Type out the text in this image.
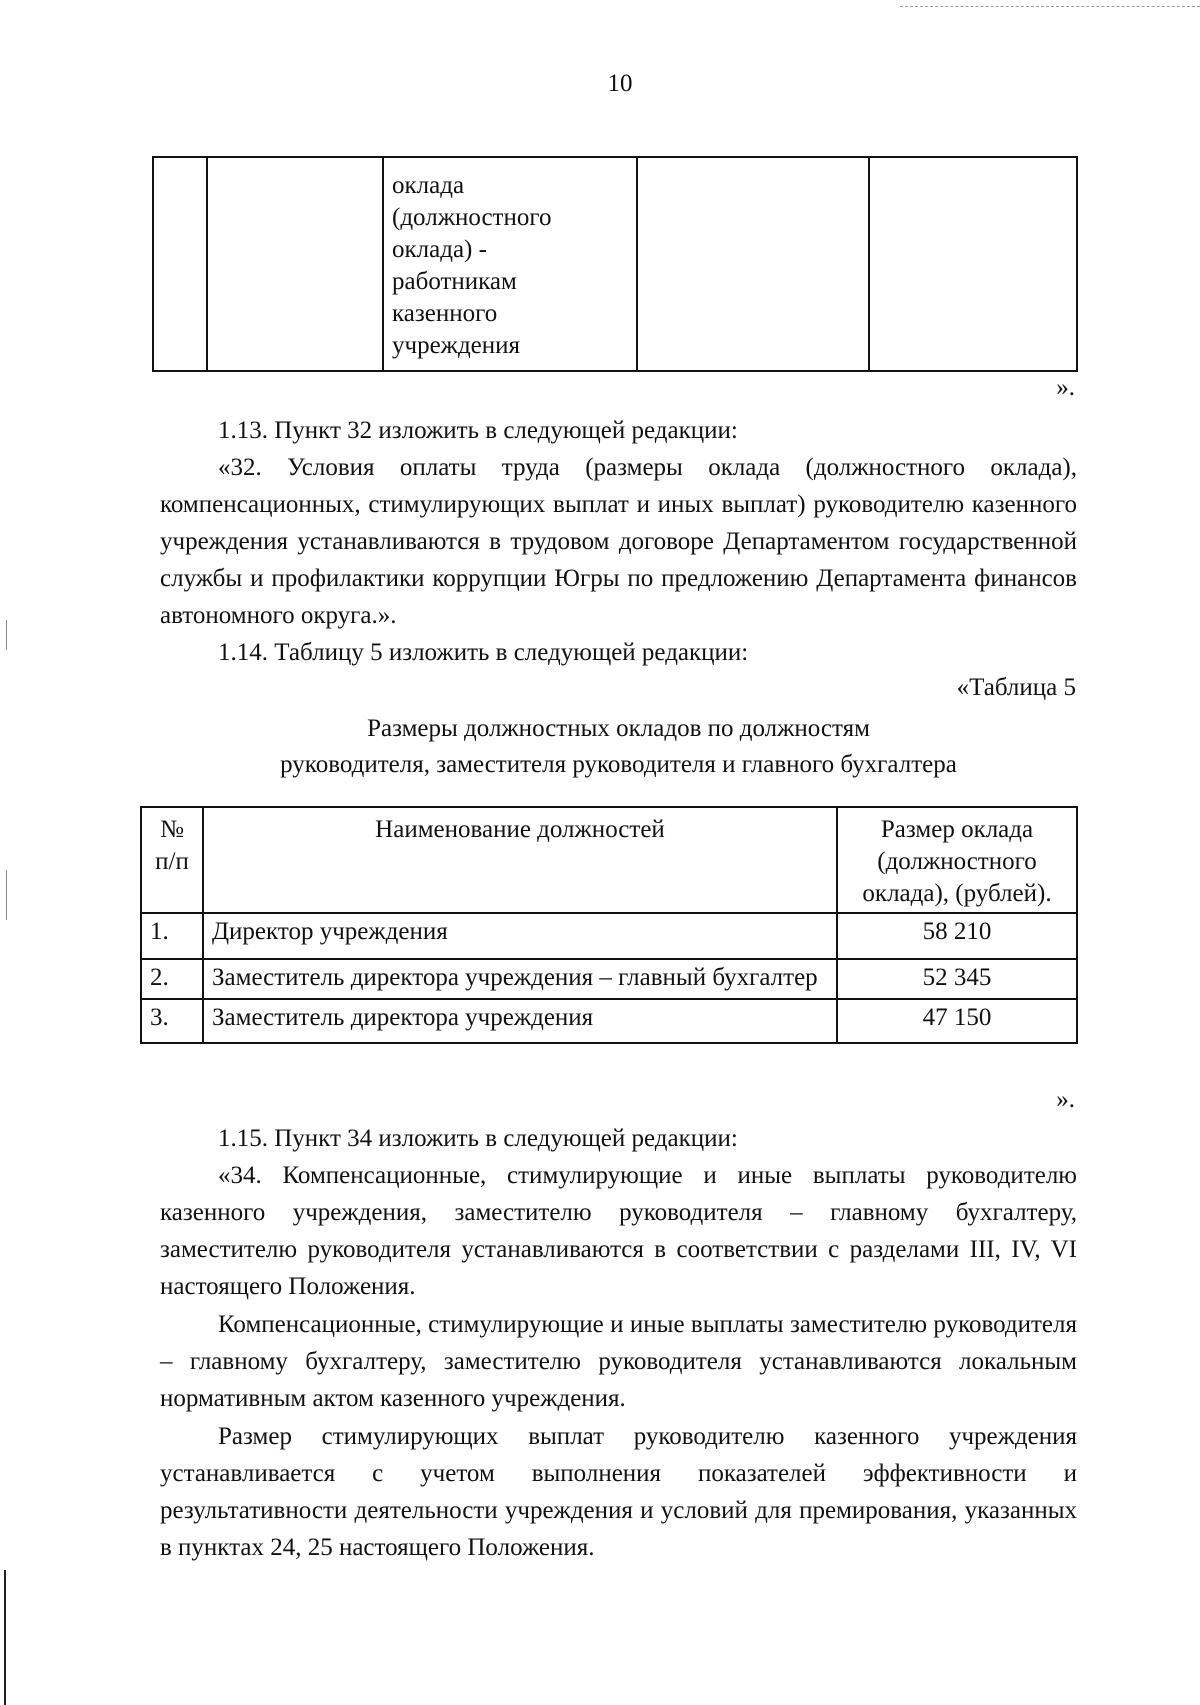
10
		оклада
(должностного
оклада) -
работникам
казенного
учреждения		
».
1.13. Пункт 32 изложить в следующей редакции:
«32. Условия оплаты труда (размеры оклада (должностного оклада), компенсационных, стимулирующих выплат и иных выплат) руководителю казенного учреждения устанавливаются в трудовом договоре Департаментом государственной службы и профилактики коррупции Югры по предложению Департамента финансов автономного округа.».
1.14. Таблицу 5 изложить в следующей редакции:
«Таблица 5
Размеры должностных окладов по должностям
руководителя, заместителя руководителя и главного бухгалтера
№ п/п	Наименование должностей	Размер оклада (должностного оклада), (рублей).
1.	Директор учреждения	58 210
2.	Заместитель директора учреждения – главный бухгалтер	52 345
3.	Заместитель директора учреждения	47 150
».
1.15. Пункт 34 изложить в следующей редакции:
«34. Компенсационные, стимулирующие и иные выплаты руководителю казенного учреждения, заместителю руководителя – главному бухгалтеру, заместителю руководителя устанавливаются в соответствии с разделами III, IV, VI настоящего Положения.
Компенсационные, стимулирующие и иные выплаты заместителю руководителя – главному бухгалтеру, заместителю руководителя устанавливаются локальным нормативным актом казенного учреждения.
Размер стимулирующих выплат руководителю казенного учреждения устанавливается с учетом выполнения показателей эффективности и результативности деятельности учреждения и условий для премирования, указанных в пунктах 24, 25 настоящего Положения.
